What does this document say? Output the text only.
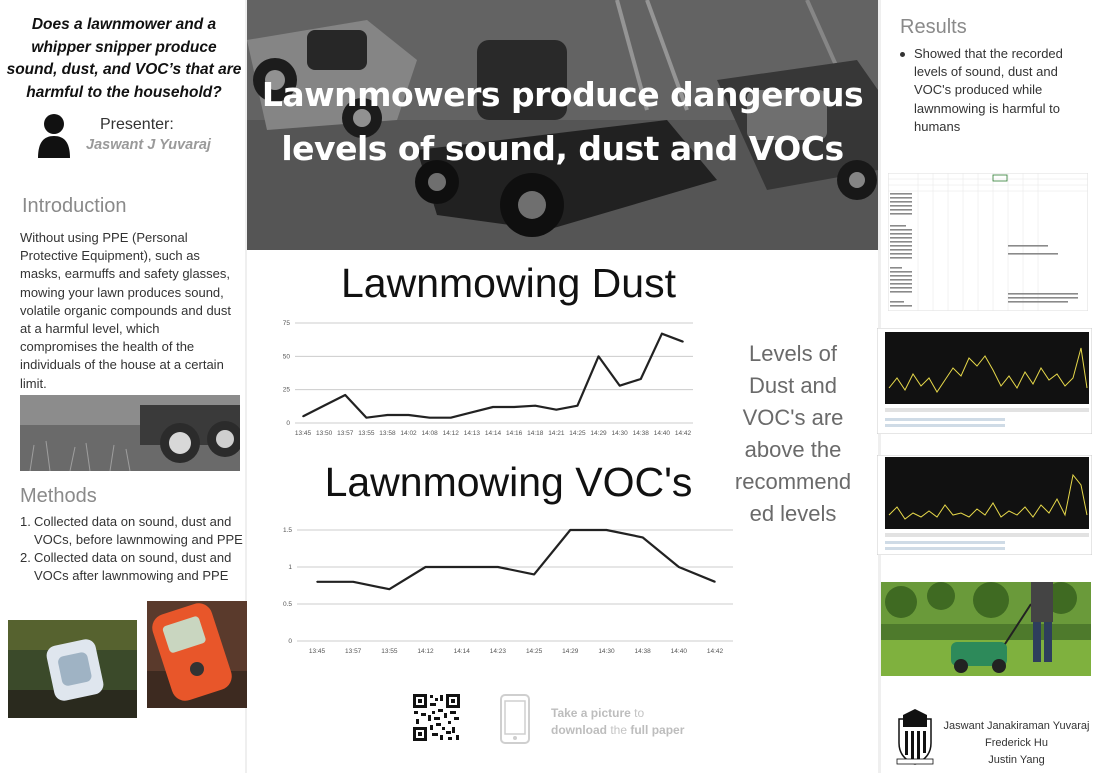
Does a lawnmower and a whipper snipper produce sound, dust, and VOC’s that are harmful to the household?
Presenter:
Jaswant J Yuvaraj
Introduction
Without using PPE (Personal Protective Equipment), such as masks, earmuffs and safety glasses, mowing your lawn produces sound, volatile organic compounds and dust at a harmful level, which compromises the health of the individuals of the house at a certain limit.
Methods
1. Collected data on sound, dust and VOCs, before lawnmowing and PPE
2. Collected data on sound, dust and VOCs after lawnmowing and PPE
Lawnmowers produce dangerous
levels of sound, dust and VOCs
Lawnmowing Dust
0
25
50
75
13:45 13:50 13:57 13:55 13:58 14:02 14:08 14:12 14:13 14:14 14:16 14:18 14:21 14:25 14:29 14:30 14:38 14:40 14:42
Lawnmowing VOC's
0
0.5
1
1.5
13:45	13:57	13:55	14:12	14:14	14:23	14:25	14:29	14:30	14:38	14:40	14:42
Levels of Dust and VOC's are above the recommend ed levels
Take a picture to
download the full paper
Results
Showed that the recorded levels of sound, dust and VOC's produced while lawnmowing is harmful to humans
Jaswant Janakiraman Yuvaraj
Frederick Hu
Justin Yang
